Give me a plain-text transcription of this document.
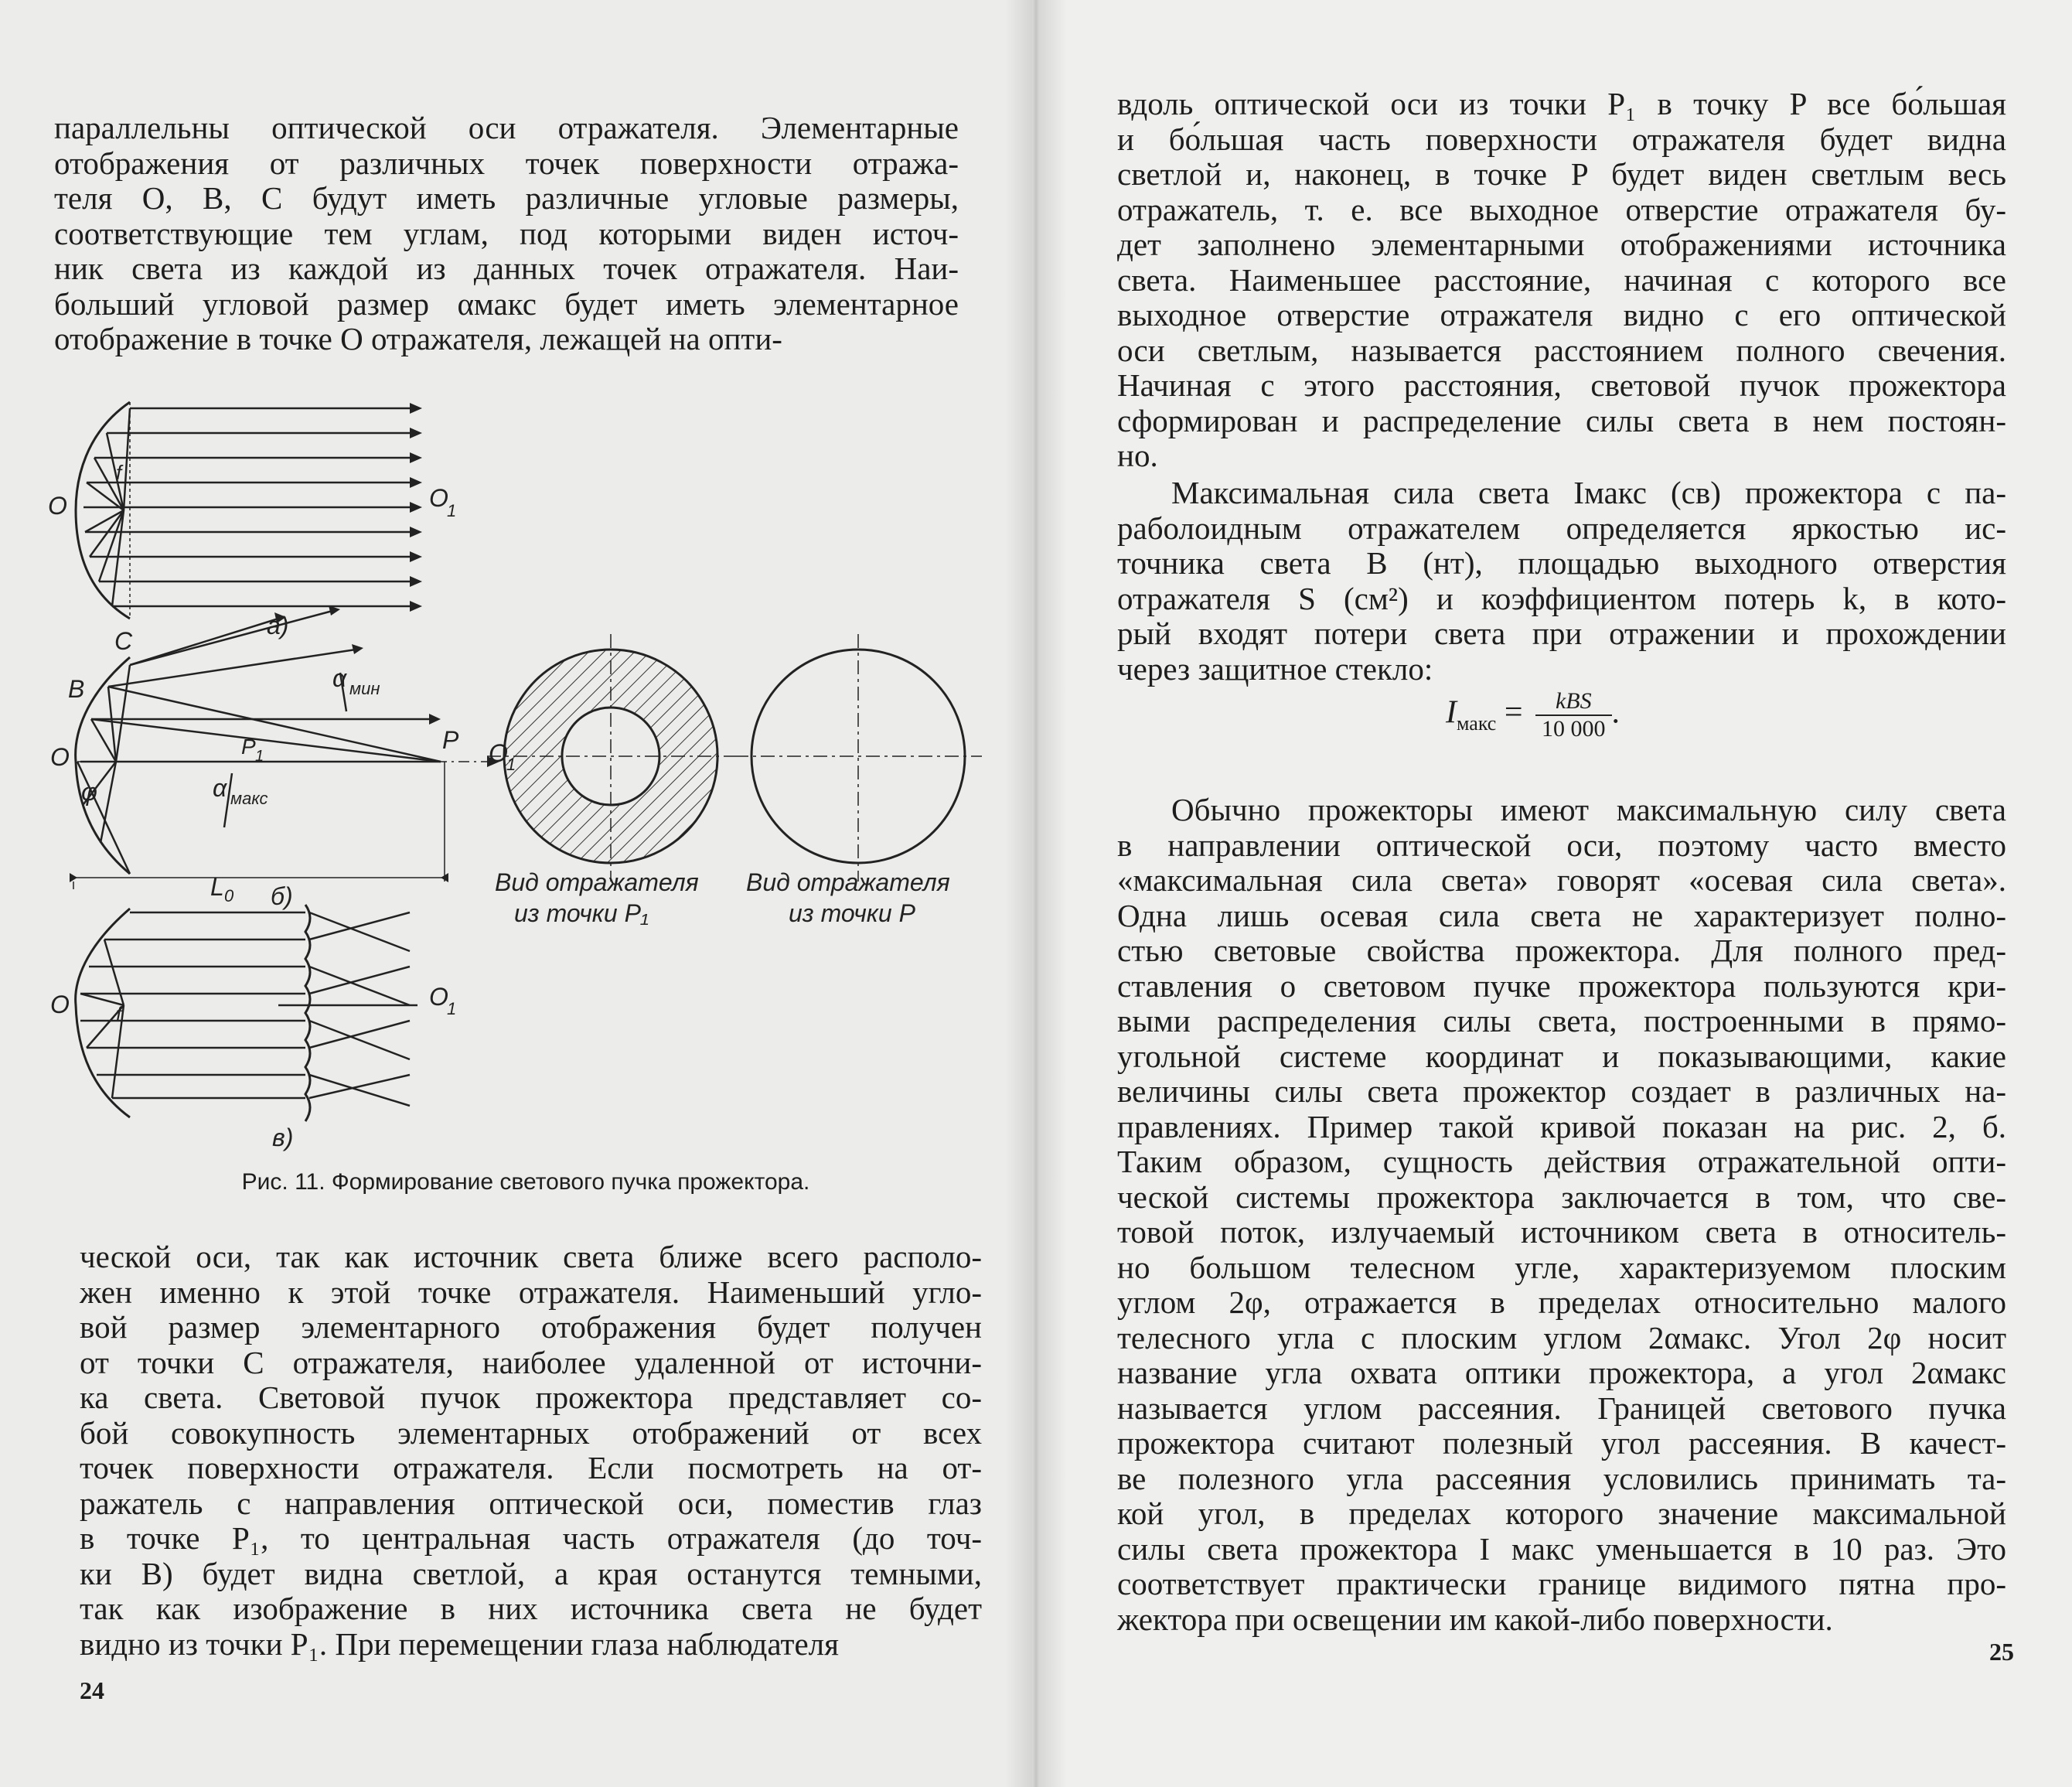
параллельны оптической оси отражателя. Элементарные
отображения от различных точек поверхности отража-
теля O, B, C будут иметь различные угловые размеры,
соответствующие тем углам, под которыми виден источ-
ник света из каждой из данных точек отражателя. Наи-
больший угловой размер αмакс будет иметь элементарное
отображение в точке O отражателя, лежащей на опти-
O
f
O
1
a)
C
B
O	P 1
P O
1
α мин
α макс
φ
L 0 б)	Вид отражателя
из точки P₁
Вид отражателя
из точки P
O f
O
1
в)
Рис. 11. Формирование светового пучка прожектора.
ческой оси, так как источник света ближе всего располо-
жен именно к этой точке отражателя. Наименьший угло-
вой размер элементарного отображения будет получен
от точки C отражателя, наиболее удаленной от источни-
ка света. Световой пучок прожектора представляет со-
бой совокупность элементарных отображений от всех
точек поверхности отражателя. Если посмотреть на от-
ражатель с направления оптической оси, поместив глаз
в точке P₁, то центральная часть отражателя (до точ-
ки B) будет видна светлой, а края останутся темными,
так как изображение в них источника света не будет
видно из точки P₁. При перемещении глаза наблюдателя
24
вдоль оптической оси из точки P₁ в точку P все бо́льшая
и бо́льшая часть поверхности отражателя будет видна
светлой и, наконец, в точке P будет виден светлым весь
отражатель, т. е. все выходное отверстие отражателя бу-
дет заполнено элементарными отображениями источника
света. Наименьшее расстояние, начиная с которого все
выходное отверстие отражателя видно с его оптической
оси светлым, называется расстоянием полного свечения.
Начиная с этого расстояния, световой пучок прожектора
сформирован и распределение силы света в нем постоян-
но.
Максимальная сила света Iмакс (св) прожектора с па-
раболоидным отражателем определяется яркостью ис-
точника света B (нт), площадью выходного отверстия
отражателя S (см²) и коэффициентом потерь k, в кото-
рый входят потери света при отражении и прохождении
через защитное стекло:
Обычно прожекторы имеют максимальную силу света
в направлении оптической оси, поэтому часто вместо
«максимальная сила света» говорят «осевая сила света».
Одна лишь осевая сила света не характеризует полно-
стью световые свойства прожектора. Для полного пред-
ставления о световом пучке прожектора пользуются кри-
выми распределения силы света, построенными в прямо-
угольной системе координат и показывающими, какие
величины силы света прожектор создает в различных на-
правлениях. Пример такой кривой показан на рис. 2, б.
Таким образом, сущность действия отражательной опти-
ческой системы прожектора заключается в том, что све-
товой поток, излучаемый источником света в относитель-
но большом телесном угле, характеризуемом плоским
углом 2φ, отражается в пределах относительно малого
телесного угла с плоским углом 2αмакс. Угол 2φ носит
название угла охвата оптики прожектора, а угол 2αмакс
называется углом рассеяния. Границей светового пучка
прожектора считают полезный угол рассеяния. В качест-
ве полезного угла рассеяния условились принимать та-
кой угол, в пределах которого значение максимальной
силы света прожектора I макс уменьшается в 10 раз. Это
соответствует практически границе видимого пятна про-
жектора при освещении им какой-либо поверхности.
25
$I_{макс} = \frac{\text{kBS}}{10 000}$ .
